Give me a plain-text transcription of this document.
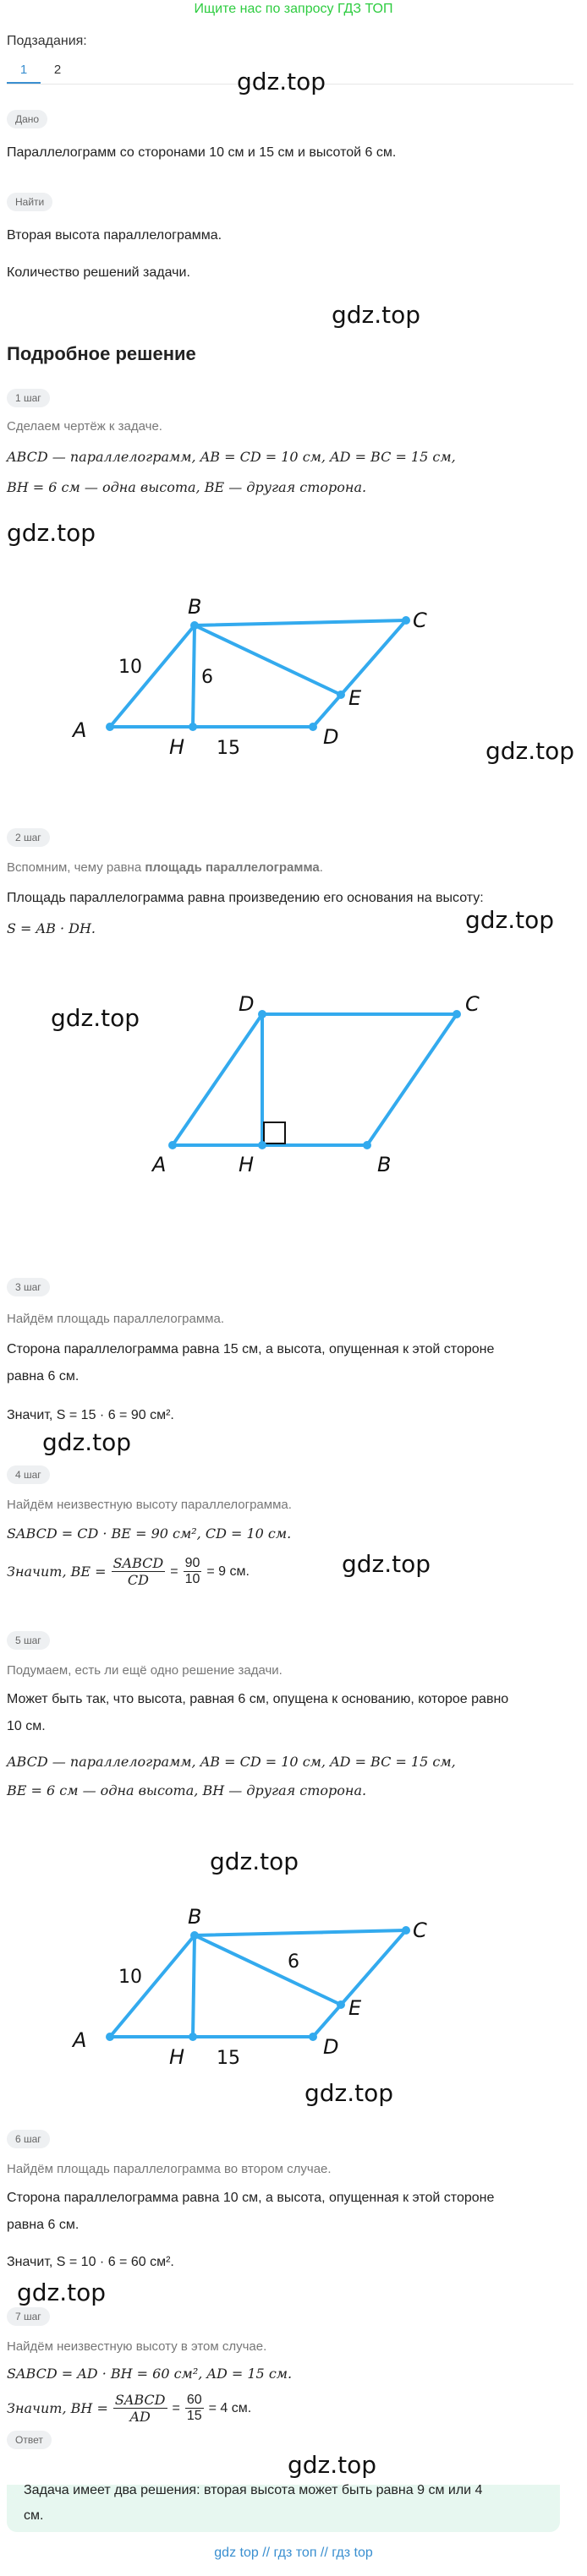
Ищите нас по запросу ГДЗ ТОП
Подзадания:
1	2
Дано
Параллелограмм со сторонами 10 см и 15 см и высотой 6 см.
gdz.top
Найти
Вторая высота параллелограмма.
Количество решений задачи.
gdz.top
Подробное решение
1 шаг
Сделаем чертёж к задаче.
ABCD — параллелограмм, AB = CD = 10 см, AD = BC = 15 см,
BH = 6 см — одна высота, BE — другая сторона.
gdz.top
A
B
C
D
E
H
10	6
15	gdz.top
2 шаг
Вспомним, чему равна площадь параллелограмма.
Площадь параллелограмма равна произведению его основания на высоту:
S = AB · DH.	gdz.top
gdz.top
A
D	C
B
H
3 шаг
Найдём площадь параллелограмма.
Сторона параллелограмма равна 15 см, а высота, опущенная к этой стороне
равна 6 см.
Значит, S = 15 · 6 = 90 см².
gdz.top
4 шаг
Найдём неизвестную высоту параллелограмма.
SABCD = CD · BE = 90 см², CD = 10 см.
Значит, BE =
SABCD
CD
= $\frac{90}{10} = 9$ см.	gdz.top
5 шаг
Подумаем, есть ли ещё одно решение задачи.
Может быть так, что высота, равная 6 см, опущена к основанию, которое равно
10 см.
ABCD — параллелограмм, AB = CD = 10 см, AD = BC = 15 см,
BE = 6 см — одна высота, BH — другая сторона.
gdz.top
A
B
C
D
E
H
10
6
15
gdz.top
6 шаг
Найдём площадь параллелограмма во втором случае.
Сторона параллелограмма равна 10 см, а высота, опущенная к этой стороне
равна 6 см.
Значит, S = 10 · 6 = 60 см².
gdz.top
7 шаг
Найдём неизвестную высоту в этом случае.
SABCD = AD · BH = 60 см², AD = 15 см.
Значит, BH =
SABCD
AD
= $\frac{60}{15} = 4$ см.
Ответ
gdz.top
Задача имеет два решения: вторая высота может быть равна 9 см или 4
см.
gdz top // гдз топ // гдз top
